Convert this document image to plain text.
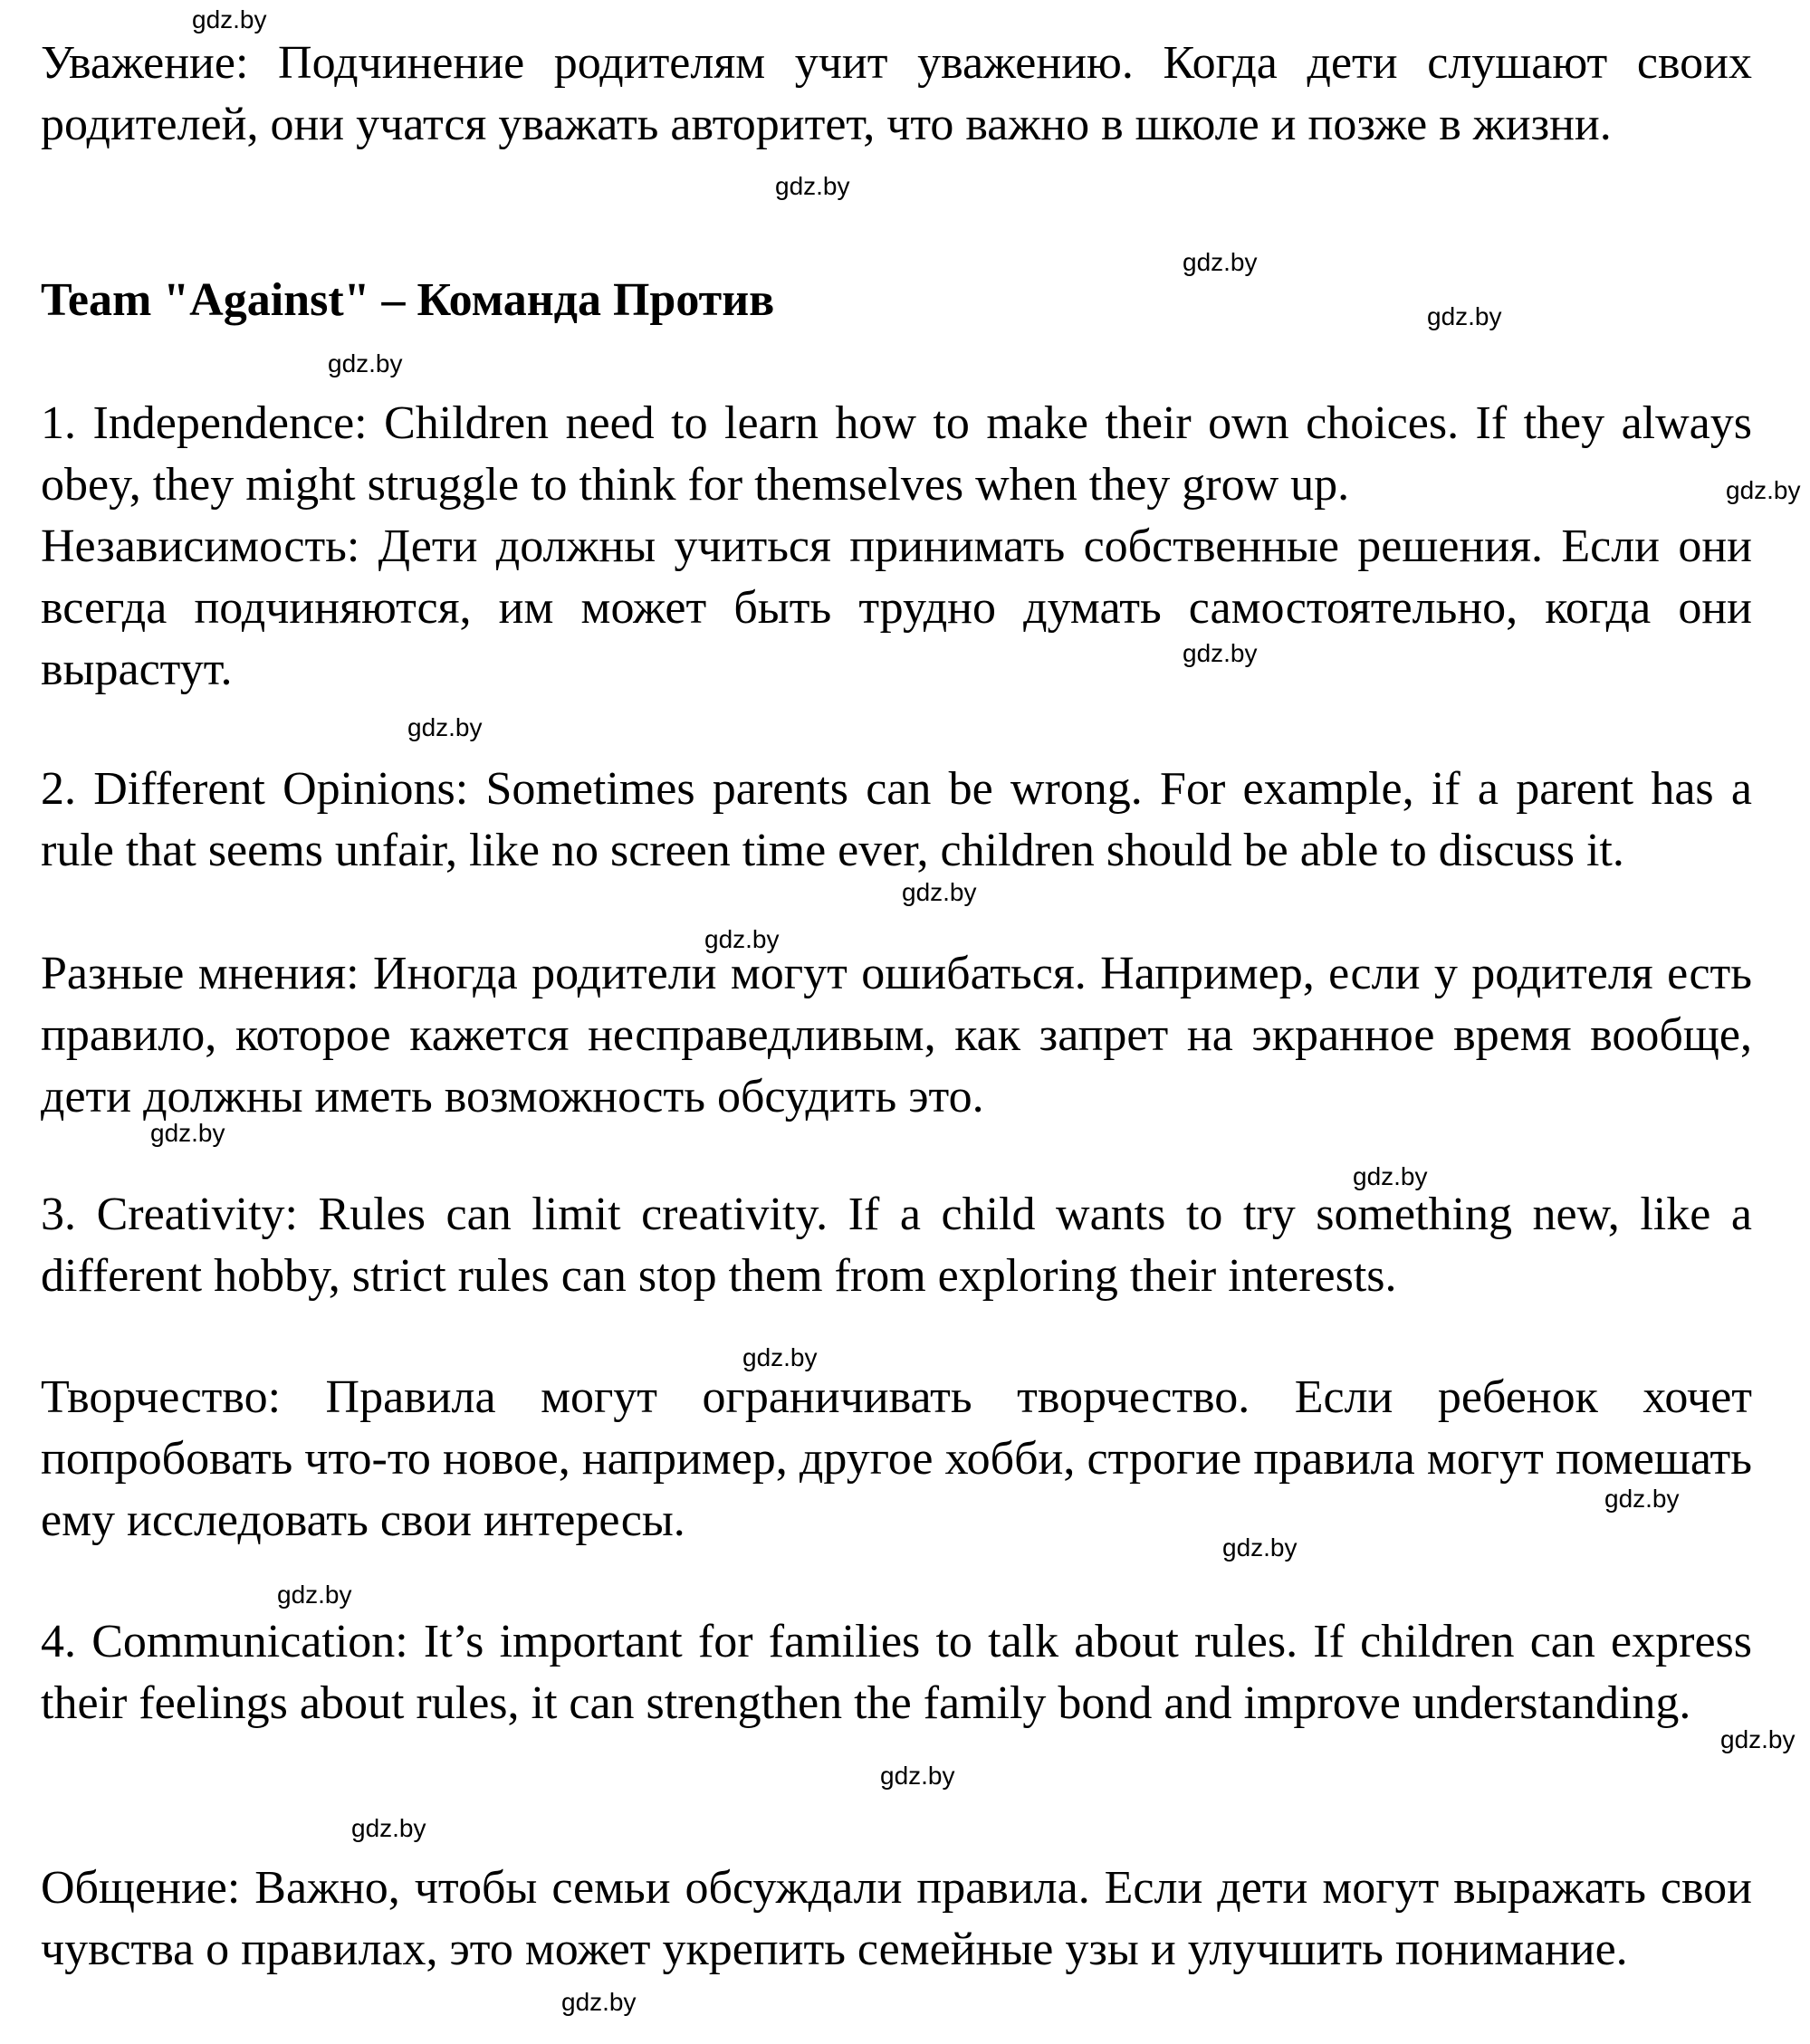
Уважение: Подчинение родителям учит уважению. Когда дети слушают своих родителей, они учатся уважать авторитет, что важно в школе и позже в жизни.

Team "Against" – Команда Против

1. Independence: Children need to learn how to make their own choices. If they always obey, they might struggle to think for themselves when they grow up.

Независимость: Дети должны учиться принимать собственные решения. Если они всегда подчиняются, им может быть трудно думать самостоятельно, когда они вырастут.

2. Different Opinions: Sometimes parents can be wrong. For example, if a parent has a rule that seems unfair, like no screen time ever, children should be able to discuss it.

Разные мнения: Иногда родители могут ошибаться. Например, если у родителя есть правило, которое кажется несправедливым, как запрет на экранное время вообще, дети должны иметь возможность обсудить это.

3. Creativity: Rules can limit creativity. If a child wants to try something new, like a different hobby, strict rules can stop them from exploring their interests.

Творчество: Правила могут ограничивать творчество. Если ребенок хочет попробовать что-то новое, например, другое хобби, строгие правила могут помешать ему исследовать свои интересы.

4. Communication: It’s important for families to talk about rules. If children can express their feelings about rules, it can strengthen the family bond and improve understanding.

Общение: Важно, чтобы семьи обсуждали правила. Если дети могут выражать свои чувства о правилах, это может укрепить семейные узы и улучшить понимание.

gdz.by
gdz.by
gdz.by
gdz.by
gdz.by
gdz.by
gdz.by
gdz.by
gdz.by
gdz.by
gdz.by
gdz.by
gdz.by
gdz.by
gdz.by
gdz.by
gdz.by
gdz.by
gdz.by
gdz.by
